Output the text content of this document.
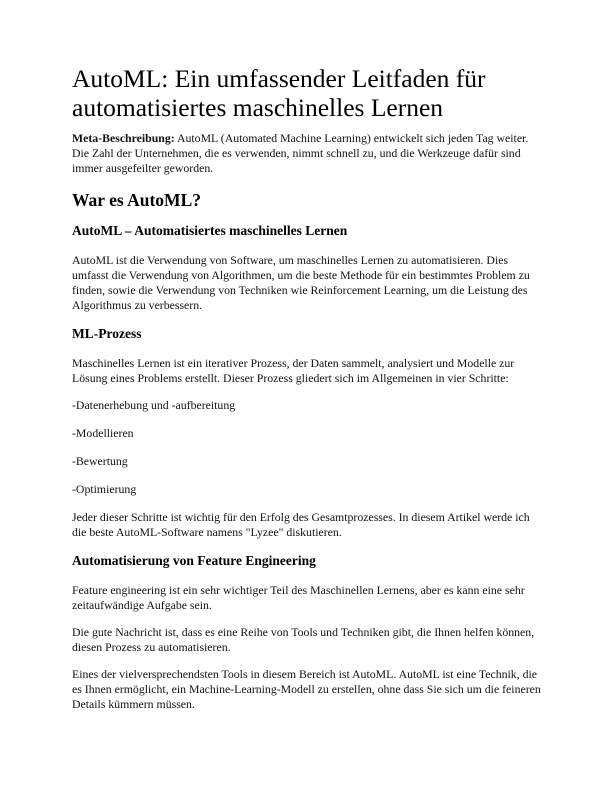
AutoML: Ein umfassender Leitfaden für automatisiertes maschinelles Lernen

Meta-Beschreibung: AutoML (Automated Machine Learning) entwickelt sich jeden Tag weiter. Die Zahl der Unternehmen, die es verwenden, nimmt schnell zu, und die Werkzeuge dafür sind immer ausgefeilter geworden.

War es AutoML?
AutoML – Automatisiertes maschinelles Lernen

AutoML ist die Verwendung von Software, um maschinelles Lernen zu automatisieren. Dies umfasst die Verwendung von Algorithmen, um die beste Methode für ein bestimmtes Problem zu finden, sowie die Verwendung von Techniken wie Reinforcement Learning, um die Leistung des Algorithmus zu verbessern.

ML-Prozess

Maschinelles Lernen ist ein iterativer Prozess, der Daten sammelt, analysiert und Modelle zur Lösung eines Problems erstellt. Dieser Prozess gliedert sich im Allgemeinen in vier Schritte:

-Datenerhebung und -aufbereitung

-Modellieren

-Bewertung

-Optimierung

Jeder dieser Schritte ist wichtig für den Erfolg des Gesamtprozesses. In diesem Artikel werde ich die beste AutoML-Software namens "Lyzee" diskutieren.

Automatisierung von Feature Engineering

Feature engineering ist ein sehr wichtiger Teil des Maschinellen Lernens, aber es kann eine sehr zeitaufwändige Aufgabe sein.

Die gute Nachricht ist, dass es eine Reihe von Tools und Techniken gibt, die Ihnen helfen können, diesen Prozess zu automatisieren.

Eines der vielversprechendsten Tools in diesem Bereich ist AutoML. AutoML ist eine Technik, die es Ihnen ermöglicht, ein Machine-Learning-Modell zu erstellen, ohne dass Sie sich um die feineren Details kümmern müssen.
